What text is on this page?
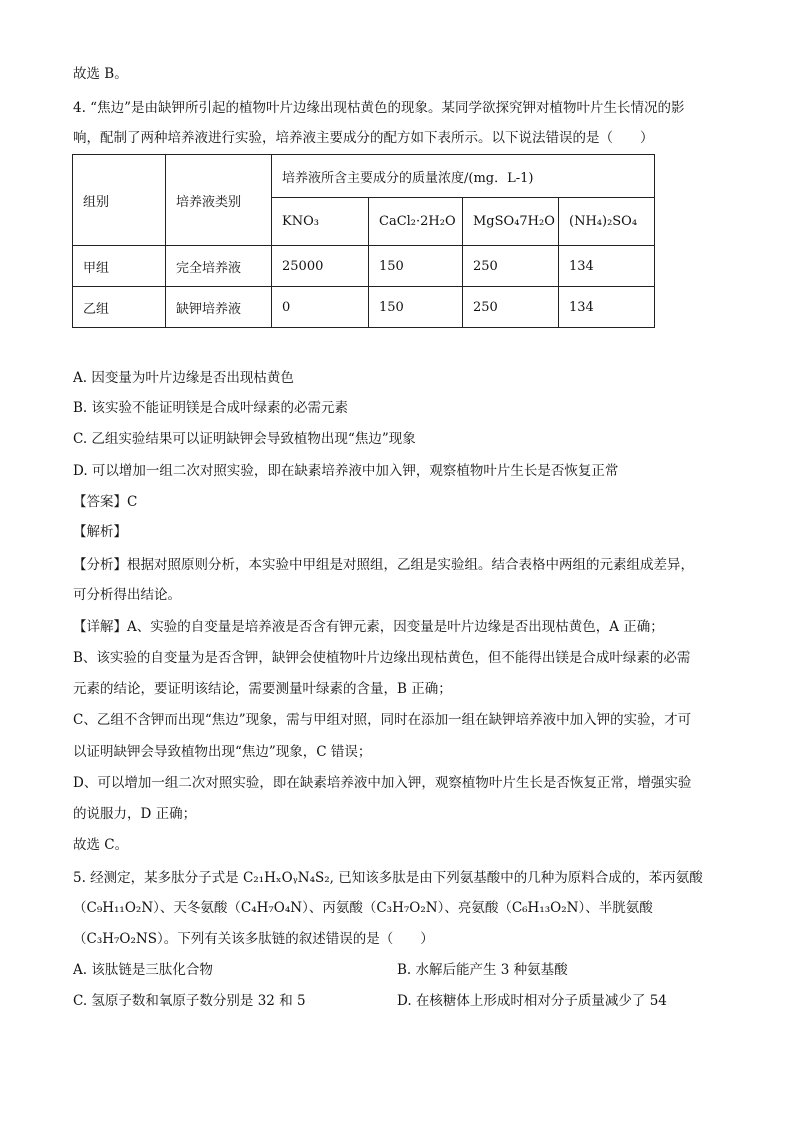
故选 B。
4. “焦边”是由缺钾所引起的植物叶片边缘出现枯黄色的现象。某同学欲探究钾对植物叶片生长情况的影
响，配制了两种培养液进行实验，培养液主要成分的配方如下表所示。以下说法错误的是（　　）
组别	培养液类别	培养液所含主要成分的质量浓度/(mg．L-1)			
		KNO₃	CaCl₂·2H₂O	MgSO₄7H₂O	(NH₄)₂SO₄
甲组	完全培养液	25000	150	250	134
乙组	缺钾培养液	0	150	250	134
A. 因变量为叶片边缘是否出现枯黄色
B. 该实验不能证明镁是合成叶绿素的必需元素
C. 乙组实验结果可以证明缺钾会导致植物出现“焦边”现象
D. 可以增加一组二次对照实验，即在缺素培养液中加入钾，观察植物叶片生长是否恢复正常
【答案】C
【解析】
【分析】根据对照原则分析，本实验中甲组是对照组，乙组是实验组。结合表格中两组的元素组成差异，
可分析得出结论。
【详解】A、实验的自变量是培养液是否含有钾元素，因变量是叶片边缘是否出现枯黄色，A 正确；
B、该实验的自变量为是否含钾，缺钾会使植物叶片边缘出现枯黄色，但不能得出镁是合成叶绿素的必需
元素的结论，要证明该结论，需要测量叶绿素的含量，B 正确；
C、乙组不含钾而出现“焦边”现象，需与甲组对照，同时在添加一组在缺钾培养液中加入钾的实验，才可
以证明缺钾会导致植物出现“焦边”现象，C 错误；
D、可以增加一组二次对照实验，即在缺素培养液中加入钾，观察植物叶片生长是否恢复正常，增强实验
的说服力，D 正确；
故选 C。
5. 经测定，某多肽分子式是 C₂₁HₓOᵧN₄S₂, 已知该多肽是由下列氨基酸中的几种为原料合成的，苯丙氨酸
（C₉H₁₁O₂N）、天冬氨酸（C₄H₇O₄N）、丙氨酸（C₃H₇O₂N）、亮氨酸（C₆H₁₃O₂N）、半胱氨酸
（C₃H₇O₂NS）。下列有关该多肽链的叙述错误的是（　　）
A. 该肽链是三肽化合物	B. 水解后能产生 3 种氨基酸
C. 氢原子数和氧原子数分别是 32 和 5	D. 在核糖体上形成时相对分子质量减少了 54
